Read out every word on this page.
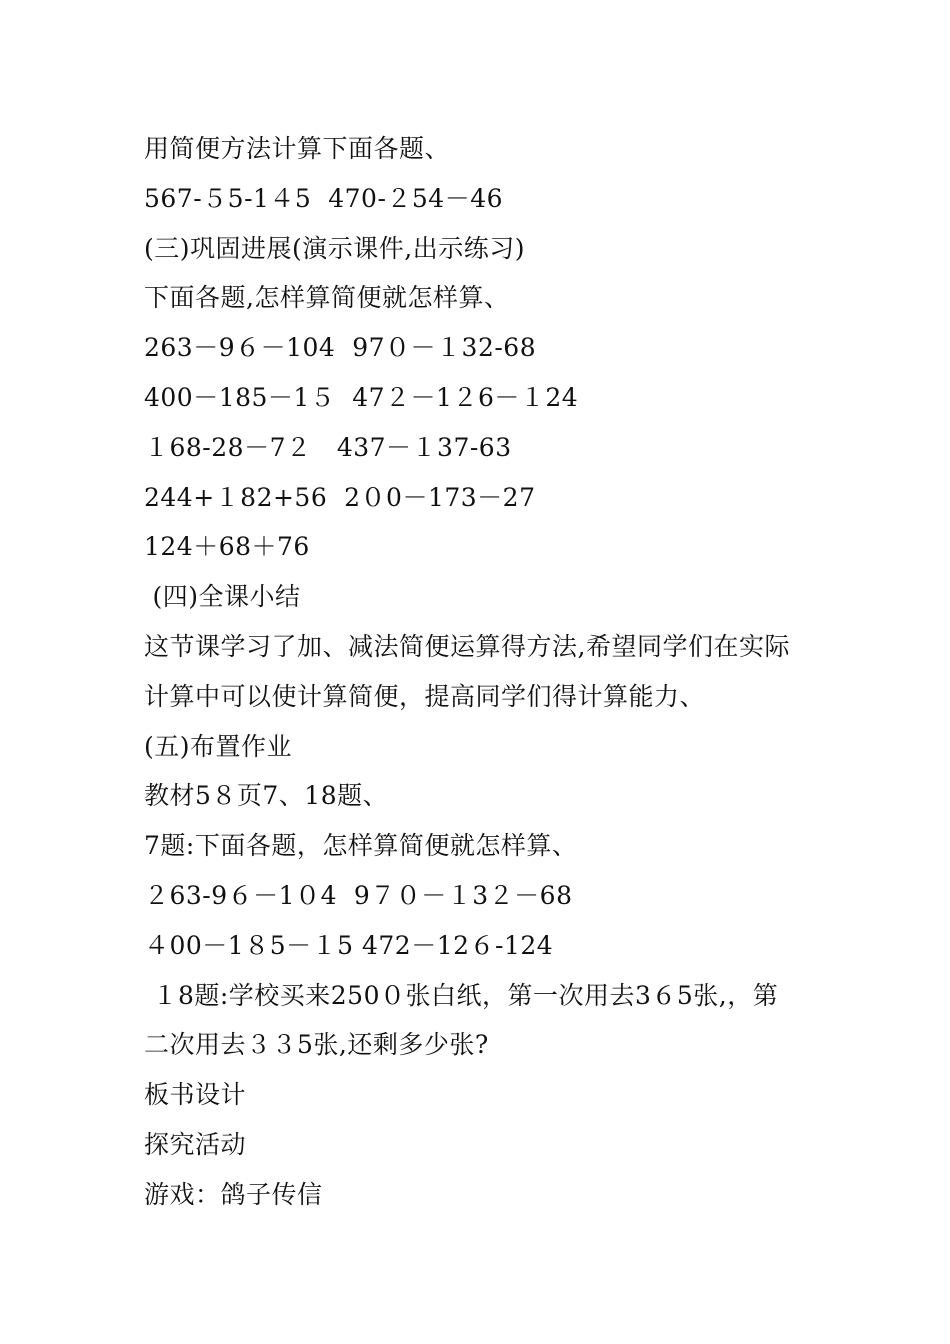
用简便方法计算下面各题、
567-５5-1４5  470-２54－46
(三)巩固进展(演示课件,出示练习)
下面各题,怎样算简便就怎样算、
263－9６－104  97０－１32-68
400－185－1５  47２－1２6－１24
１68-28－7２   437－１37-63
244+１82+56  2０0－173－27
124＋68＋76
(四)全课小结
这节课学习了加、减法简便运算得方法,希望同学们在实际
计算中可以使计算简便，提高同学们得计算能力、
(五)布置作业
教材5８页7、18题、
7题:下面各题，怎样算简便就怎样算、
２63-9６－1０4  9７０－１3２－68
４00－1８5－１5 472－12６-124
１8题:学校买来250０张白纸，第一次用去3６5张,，第
二次用去３３5张,还剩多少张?
板书设计
探究活动
游戏：鸽子传信
